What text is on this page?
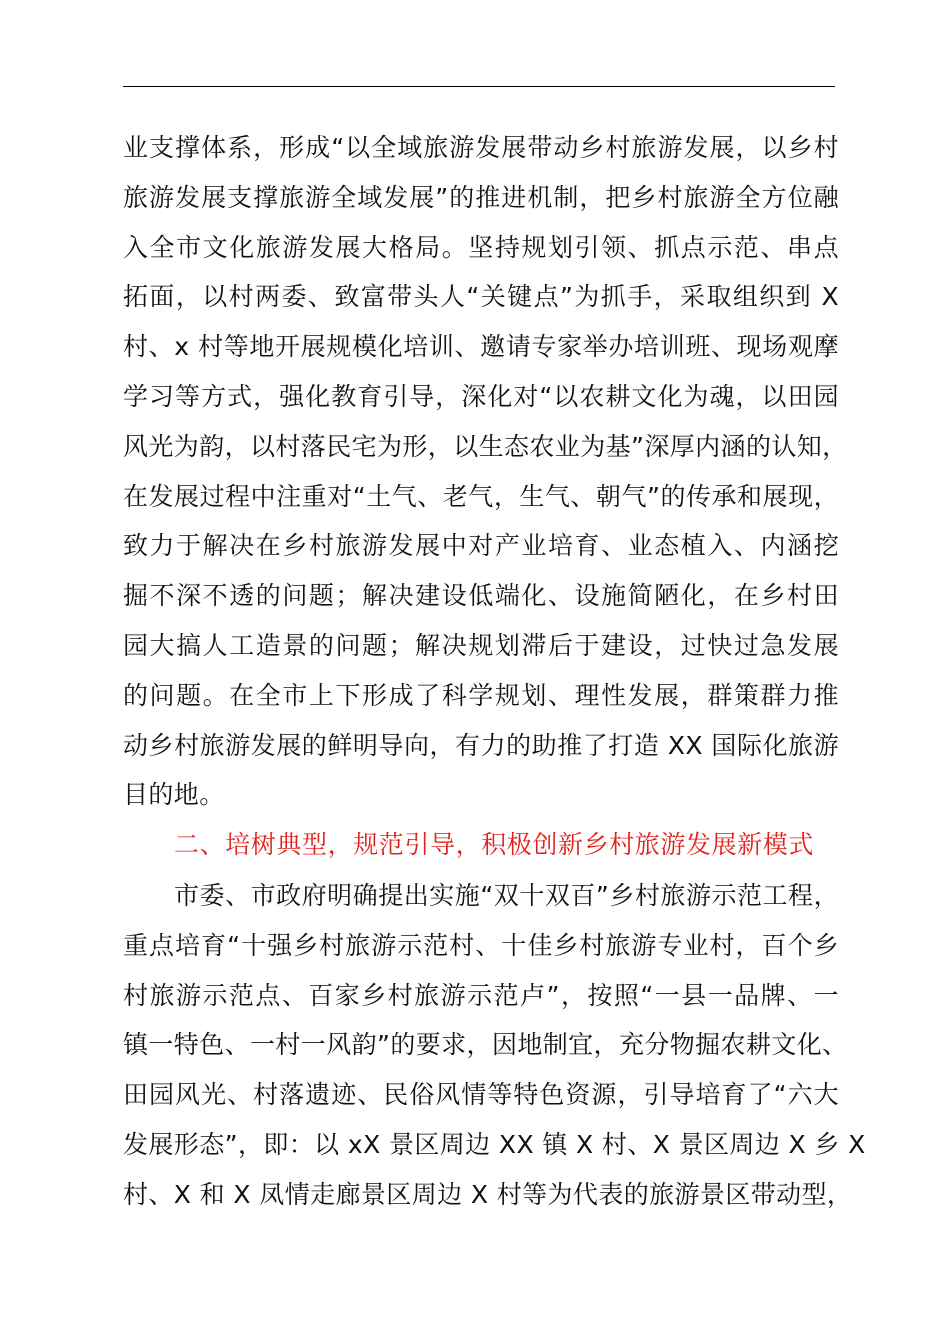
业支撑体系，形成“以全域旅游发展带动乡村旅游发展，以乡村
旅游发展支撑旅游全域发展”的推进机制，把乡村旅游全方位融
入全市文化旅游发展大格局。坚持规划引领、抓点示范、串点
拓面，以村两委、致富带头人“关键点”为抓手，采取组织到 X
村、x 村等地开展规模化培训、邀请专家举办培训班、现场观摩
学习等方式，强化教育引导，深化对“以农耕文化为魂，以田园
风光为韵，以村落民宅为形，以生态农业为基”深厚内涵的认知，
在发展过程中注重对“土气、老气，生气、朝气”的传承和展现，
致力于解决在乡村旅游发展中对产业培育、业态植入、内涵挖
掘不深不透的问题；解决建设低端化、设施简陋化，在乡村田
园大搞人工造景的问题；解决规划滞后于建设，过快过急发展
的问题。在全市上下形成了科学规划、理性发展，群策群力推
动乡村旅游发展的鲜明导向，有力的助推了打造 XX 国际化旅游
目的地。
二、培树典型，规范引导，积极创新乡村旅游发展新模式
市委、市政府明确提出实施“双十双百”乡村旅游示范工程，
重点培育“十强乡村旅游示范村、十佳乡村旅游专业村，百个乡
村旅游示范点、百家乡村旅游示范卢”，按照“一县一品牌、一
镇一特色、一村一风韵”的要求，因地制宜，充分物掘农耕文化、
田园风光、村落遗迹、民俗风情等特色资源，引导培育了“六大
发展形态”，即：以 xX 景区周边 XX 镇 X 村、X 景区周边 X 乡 X
村、X 和 X 凤情走廊景区周边 X 村等为代表的旅游景区带动型，
